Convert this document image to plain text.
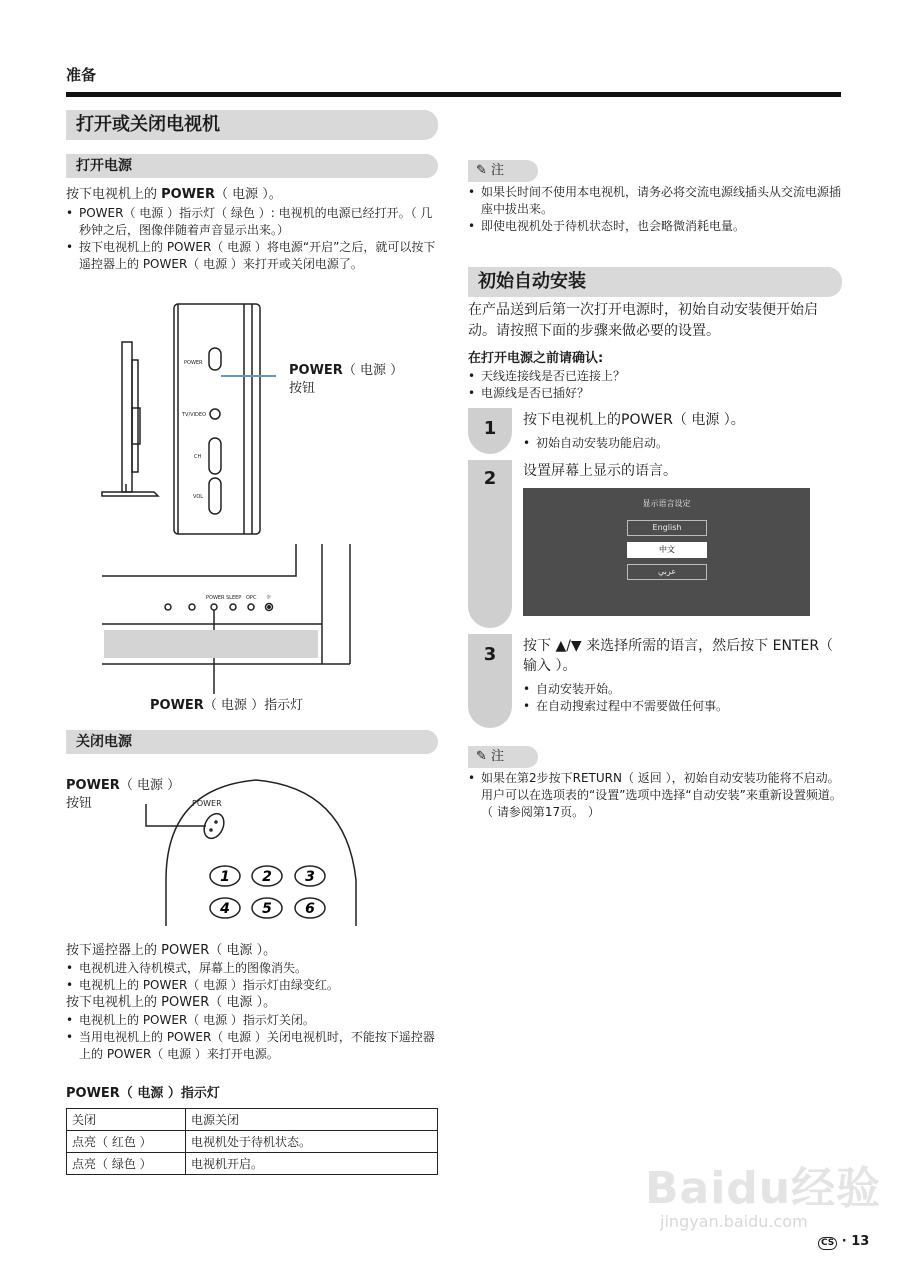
准备
打开或关闭电视机
打开电源
按下电视机上的 POWER（ 电源 ）。
• POWER（ 电源 ）指示灯（ 绿色 ）: 电视机的电源已经打开。（ 几秒钟之后，图像伴随着声音显示出来。）
• 按下电视机上的 POWER（ 电源 ）将电源“开启”之后，就可以按下遥控器上的 POWER（ 电源 ）来打开或关闭电源了。
POWER
TV/VIDEO
CH
VOL
POWER（ 电源 ）
按钮
POWER SLEEP OPC ☼
POWER（ 电源 ）指示灯
关闭电源
POWER（ 电源 ）
按钮	POWER
1 2 3
4 5 6
按下遥控器上的 POWER（ 电源 ）。
• 电视机进入待机模式，屏幕上的图像消失。
• 电视机上的 POWER（ 电源 ）指示灯由绿变红。
按下电视机上的 POWER（ 电源 ）。
• 电视机上的 POWER（ 电源 ）指示灯关闭。
• 当用电视机上的 POWER（ 电源 ）关闭电视机时，不能按下遥控器上的 POWER（ 电源 ）来打开电源。
POWER（ 电源 ）指示灯
关闭	电源关闭
点亮（ 红色 ）	电视机处于待机状态。
点亮（ 绿色 ）	电视机开启。
✎ 注
• 如果长时间不使用本电视机，请务必将交流电源线插头从交流电源插座中拔出来。
• 即使电视机处于待机状态时，也会略微消耗电量。
初始自动安装
在产品送到后第一次打开电源时，初始自动安装便开始启动。请按照下面的步骤来做必要的设置。
在打开电源之前请确认:
• 天线连接线是否已连接上？
• 电源线是否已插好？
1	按下电视机上的POWER（ 电源 ）。
• 初始自动安装功能启动。
2	设置屏幕上显示的语言。
显示语言设定
English
中文
عربي
3	按下 ▲/▼ 来选择所需的语言，然后按下 ENTER（ 输入 ）。
• 自动安装开始。
• 在自动搜索过程中不需要做任何事。
✎ 注
• 如果在第2步按下RETURN（ 返回 ），初始自动安装功能将不启动。用户可以在选项表的“设置”选项中选择“自动安装”来重新设置频道。（ 请参阅第17页。 ）
Baidu经验
jingyan.baidu.com
CS · 13
